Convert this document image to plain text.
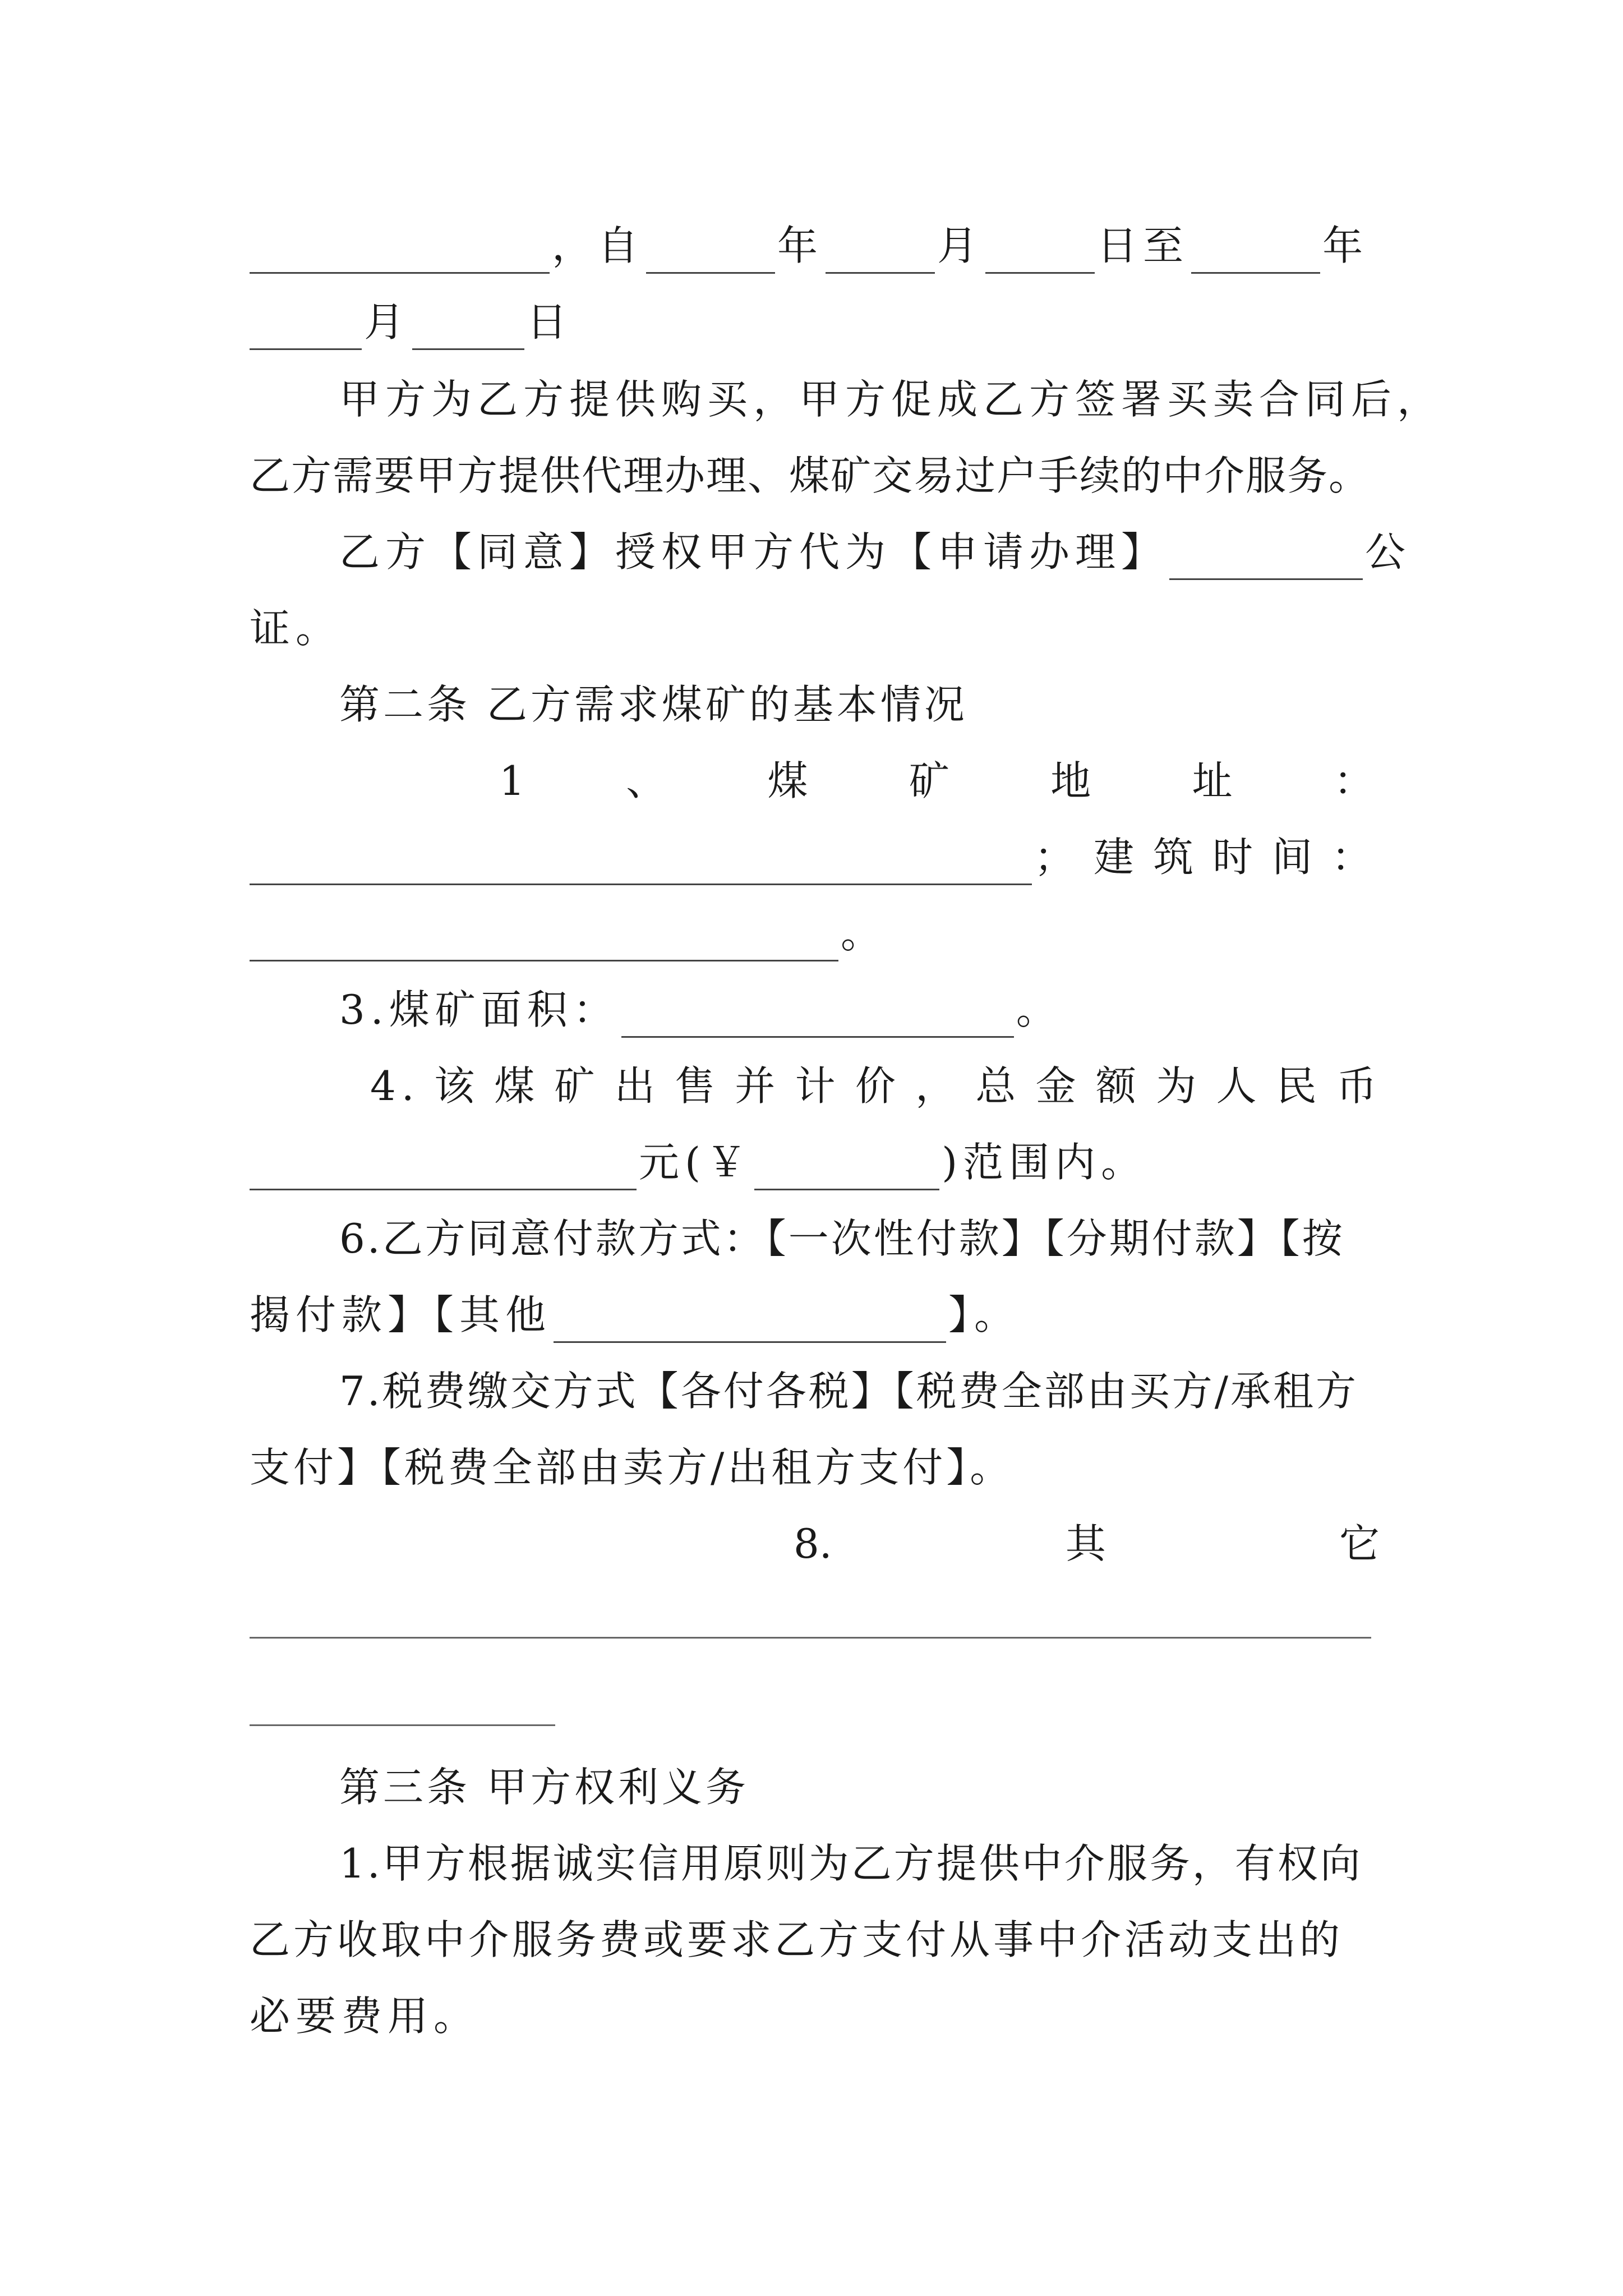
，自	年	月	日至	年
月	日
甲方为乙方提供购买，甲方促成乙方签署买卖合同后，
乙方需要甲方提供代理办理、煤矿交易过户手续的中介服务。
乙方【同意】授权甲方代为【申请办理】	公
证。
第二条 乙方需求煤矿的基本情况
1	、	煤	矿	地	址	：
；建筑时间：
。
3.煤矿面积：	。
4.该煤矿出售并计价，总金额为人民币
元(￥	)范围内。
6.乙方同意付款方式：【一次性付款】【分期付款】【按
揭付款】【其他	】。
7.税费缴交方式【各付各税】【税费全部由买方/承租方
支付】【税费全部由卖方/出租方支付】。
8.	其	它
第三条 甲方权利义务
1.甲方根据诚实信用原则为乙方提供中介服务，有权向
乙方收取中介服务费或要求乙方支付从事中介活动支出的
必要费用。
